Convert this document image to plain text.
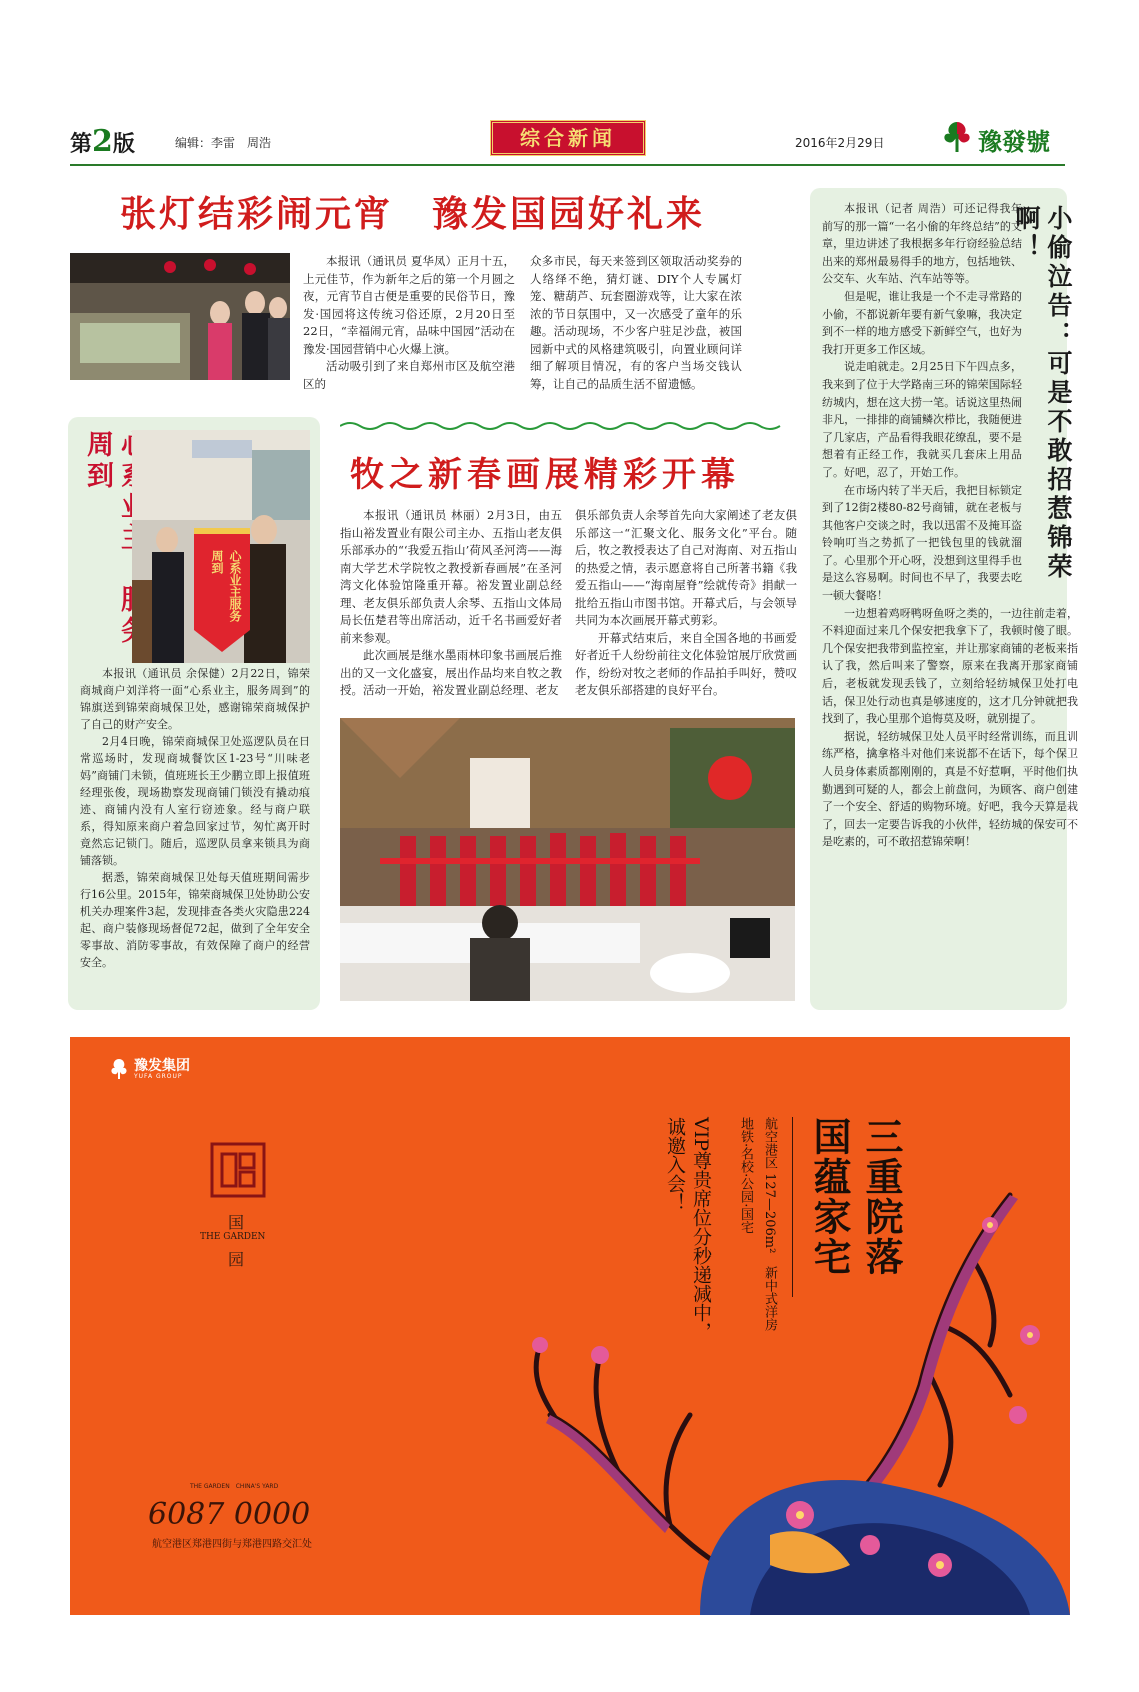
第2版	编辑：李雷　周浩	综合新闻	2016年2月29日	豫發號
张灯结彩闹元宵　豫发国园好礼来

本报讯（通讯员 夏华凤）正月十五，上元佳节，作为新年之后的第一个月圆之夜，元宵节自古便是重要的民俗节日，豫发·国园将这传统习俗还原，2月20日至22日，“幸福闹元宵，品味中国园”活动在豫发·国园营销中心火爆上演。

活动吸引到了来自郑州市区及航空港区的

众多市民，每天来签到区领取活动奖券的人络绎不绝，猜灯谜、DIY个人专属灯笼、糖葫芦、玩套圈游戏等，让大家在浓浓的节日氛围中，又一次感受了童年的乐趣。活动现场，不少客户驻足沙盘，被国园新中式的风格建筑吸引，向置业顾问详细了解项目情况，有的客户当场交钱认筹，让自己的品质生活不留遗憾。

　周到
心系业主服务周到

本报讯（通讯员 余保健）2月22日，锦荣商城商户刘洋将一面“心系业主，服务周到”的锦旗送到锦荣商城保卫处，感谢锦荣商城保护了自己的财产安全。

2月4日晚，锦荣商城保卫处巡逻队员在日常巡场时，发现商城餐饮区1-23号“川味老妈”商铺门未锁，值班班长王少鹏立即上报值班经理张俊，现场勘察发现商铺门锁没有撬动痕迹、商铺内没有人室行窃迹象。经与商户联系，得知原来商户着急回家过节，匆忙离开时竟然忘记锁门。随后，巡逻队员拿来锁具为商铺落锁。

据悉，锦荣商城保卫处每天值班期间需步行16公里。2015年，锦荣商城保卫处协助公安机关办理案件3起，发现排查各类火灾隐患224起、商户装修现场督促72起，做到了全年安全零事故、消防零事故，有效保障了商户的经营安全。

牧之新春画展精彩开幕

本报讯（通讯员 林丽）2月3日，由五指山裕发置业有限公司主办、五指山老友俱乐部承办的“‘我爱五指山’荷风圣河湾——海南大学艺术学院牧之教授新春画展”在圣河湾文化体验馆隆重开幕。裕发置业副总经理、老友俱乐部负责人余琴、五指山文体局局长伍楚君等出席活动，近千名书画爱好者前来参观。

此次画展是继水墨雨林印象书画展后推出的又一文化盛宴，展出作品均来自牧之教授。活动一开始，裕发置业副总经理、老友

俱乐部负责人余琴首先向大家阐述了老友俱乐部这一“汇聚文化、服务文化”平台。随后，牧之教授表达了自己对海南、对五指山的热爱之情，表示愿意将自己所著书籍《我爱五指山——“海南屋脊”绘就传奇》捐献一批给五指山市图书馆。开幕式后，与会领导共同为本次画展开幕式剪彩。

开幕式结束后，来自全国各地的书画爱好者近千人纷纷前往文化体验馆展厅欣赏画作，纷纷对牧之老师的作品拍手叫好，赞叹老友俱乐部搭建的良好平台。

小偷泣告：可是不敢招惹锦荣啊！

本报讯（记者 周浩）可还记得我年前写的那一篇“一名小偷的年终总结”的文章，里边讲述了我根据多年行窃经验总结出来的郑州最易得手的地方，包括地铁、公交车、火车站、汽车站等等。

但是呢，谁让我是一个不走寻常路的小偷，不都说新年要有新气象嘛，我决定到不一样的地方感受下新鲜空气，也好为我打开更多工作区域。

说走咱就走。2月25日下午四点多，我来到了位于大学路南三环的锦荣国际轻纺城内，想在这大捞一笔。话说这里热闹非凡，一排排的商铺鳞次栉比，我随便进了几家店，产品看得我眼花缭乱，要不是想着有正经工作，我就买几套床上用品了。好吧，忍了，开始工作。

在市场内转了半天后，我把目标锁定到了12街2楼80-82号商铺，就在老板与其他客户交谈之时，我以迅雷不及掩耳盗铃响叮当之势抓了一把钱包里的钱就溜了。心里那个开心呀，没想到这里得手也是这么容易啊。时间也不早了，我要去吃一顿大餐咯！

一边想着鸡呀鸭呀鱼呀之类的，一边往前走着，不料迎面过来几个保安把我拿下了，我顿时傻了眼。几个保安把我带到监控室，并让那家商铺的老板来指认了我，然后叫来了警察，原来在我离开那家商铺后，老板就发现丢钱了，立刻给轻纺城保卫处打电话，保卫处行动也真是够速度的，这才几分钟就把我找到了，我心里那个追悔莫及呀，就别提了。

据说，轻纺城保卫处人员平时经常训练，而且训练严格，擒拿格斗对他们来说都不在话下，每个保卫人员身体素质都刚刚的，真是不好惹啊，平时他们执勤遇到可疑的人，都会上前盘问，为顾客、商户创建了一个安全、舒适的购物环境。好吧，我今天算是栽了，回去一定要告诉我的小伙伴，轻纺城的保安可不是吃素的，可不敢招惹锦荣啊！

豫发集团
YUFA GROUP
国
THE GARDEN
园
THE GARDEN　CHINA'S YARD
6087 0000
航空港区郑港四街与郑港四路交汇处
三重院落
国蕴家宅
航空港区 127—206m²　新中式洋房
地铁·名校·公园·国宅
VIP尊贵席位分秒递减中，
诚邀入会！
